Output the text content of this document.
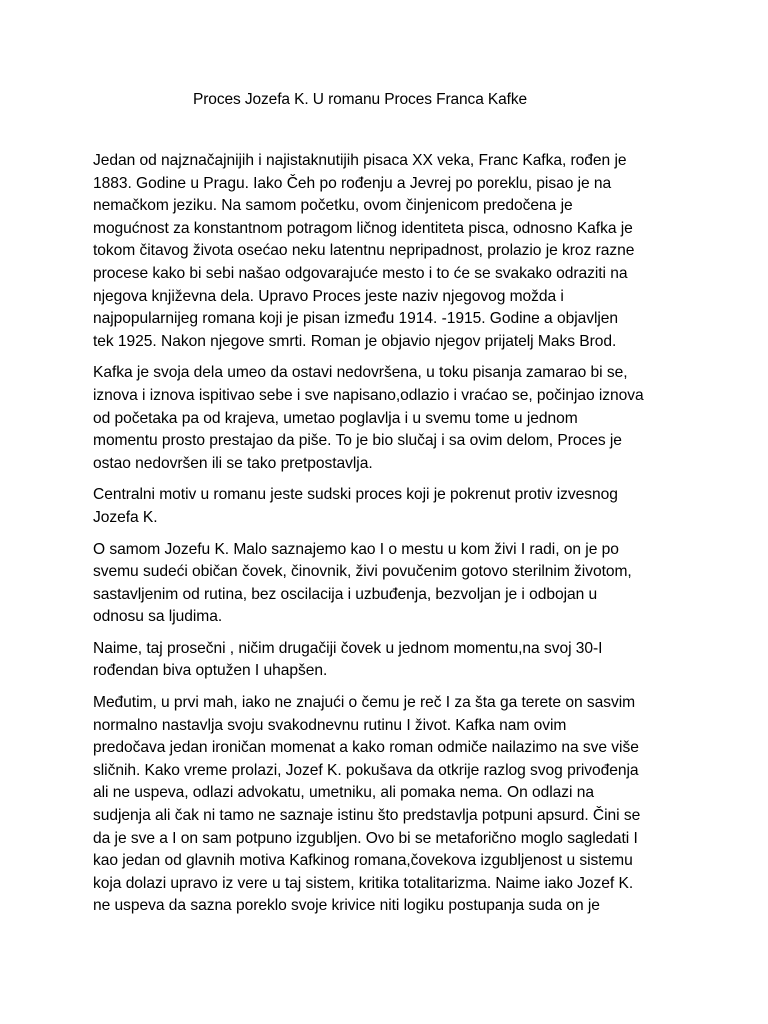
Proces Jozefa K. U romanu Proces Franca Kafke

Jedan od najznačajnijih i najistaknutijih pisaca XX veka, Franc Kafka, rođen je
1883. Godine u Pragu. Iako Čeh po rođenju a Jevrej po poreklu, pisao je na
nemačkom jeziku. Na samom početku, ovom činjenicom predočena je
mogućnost za konstantnom potragom ličnog identiteta pisca, odnosno Kafka je
tokom čitavog života osećao neku latentnu nepripadnost, prolazio je kroz razne
procese kako bi sebi našao odgovarajuće mesto i to će se svakako odraziti na
njegova književna dela. Upravo Proces jeste naziv njegovog možda i
najpopularnijeg romana koji je pisan između 1914. -1915. Godine a objavljen
tek 1925. Nakon njegove smrti. Roman je objavio njegov prijatelj Maks Brod.

Kafka je svoja dela umeo da ostavi nedovršena, u toku pisanja zamarao bi se,
iznova i iznova ispitivao sebe i sve napisano,odlazio i vraćao se, počinjao iznova
od početaka pa od krajeva, umetao poglavlja i u svemu tome u jednom
momentu prosto prestajao da piše. To je bio slučaj i sa ovim delom, Proces je
ostao nedovršen ili se tako pretpostavlja.

Centralni motiv u romanu jeste sudski proces koji je pokrenut protiv izvesnog
Jozefa K.

O samom Jozefu K. Malo saznajemo kao I o mestu u kom živi I radi, on je po
svemu sudeći običan čovek, činovnik, živi povučenim gotovo sterilnim životom,
sastavljenim od rutina, bez oscilacija i uzbuđenja, bezvoljan je i odbojan u
odnosu sa ljudima.

Naime, taj prosečni , ničim drugačiji čovek u jednom momentu,na svoj 30-I
rođendan biva optužen I uhapšen.

Međutim, u prvi mah, iako ne znajući o čemu je reč I za šta ga terete on sasvim
normalno nastavlja svoju svakodnevnu rutinu I život. Kafka nam ovim
predočava jedan ironičan momenat a kako roman odmiče nailazimo na sve više
sličnih. Kako vreme prolazi, Jozef K. pokušava da otkrije razlog svog privođenja
ali ne uspeva, odlazi advokatu, umetniku, ali pomaka nema. On odlazi na
sudjenja ali čak ni tamo ne saznaje istinu što predstavlja potpuni apsurd. Čini se
da je sve a I on sam potpuno izgubljen. Ovo bi se metaforično moglo sagledati I
kao jedan od glavnih motiva Kafkinog romana,čovekova izgubljenost u sistemu
koja dolazi upravo iz vere u taj sistem, kritika totalitarizma. Naime iako Jozef K.
ne uspeva da sazna poreklo svoje krivice niti logiku postupanja suda on je
